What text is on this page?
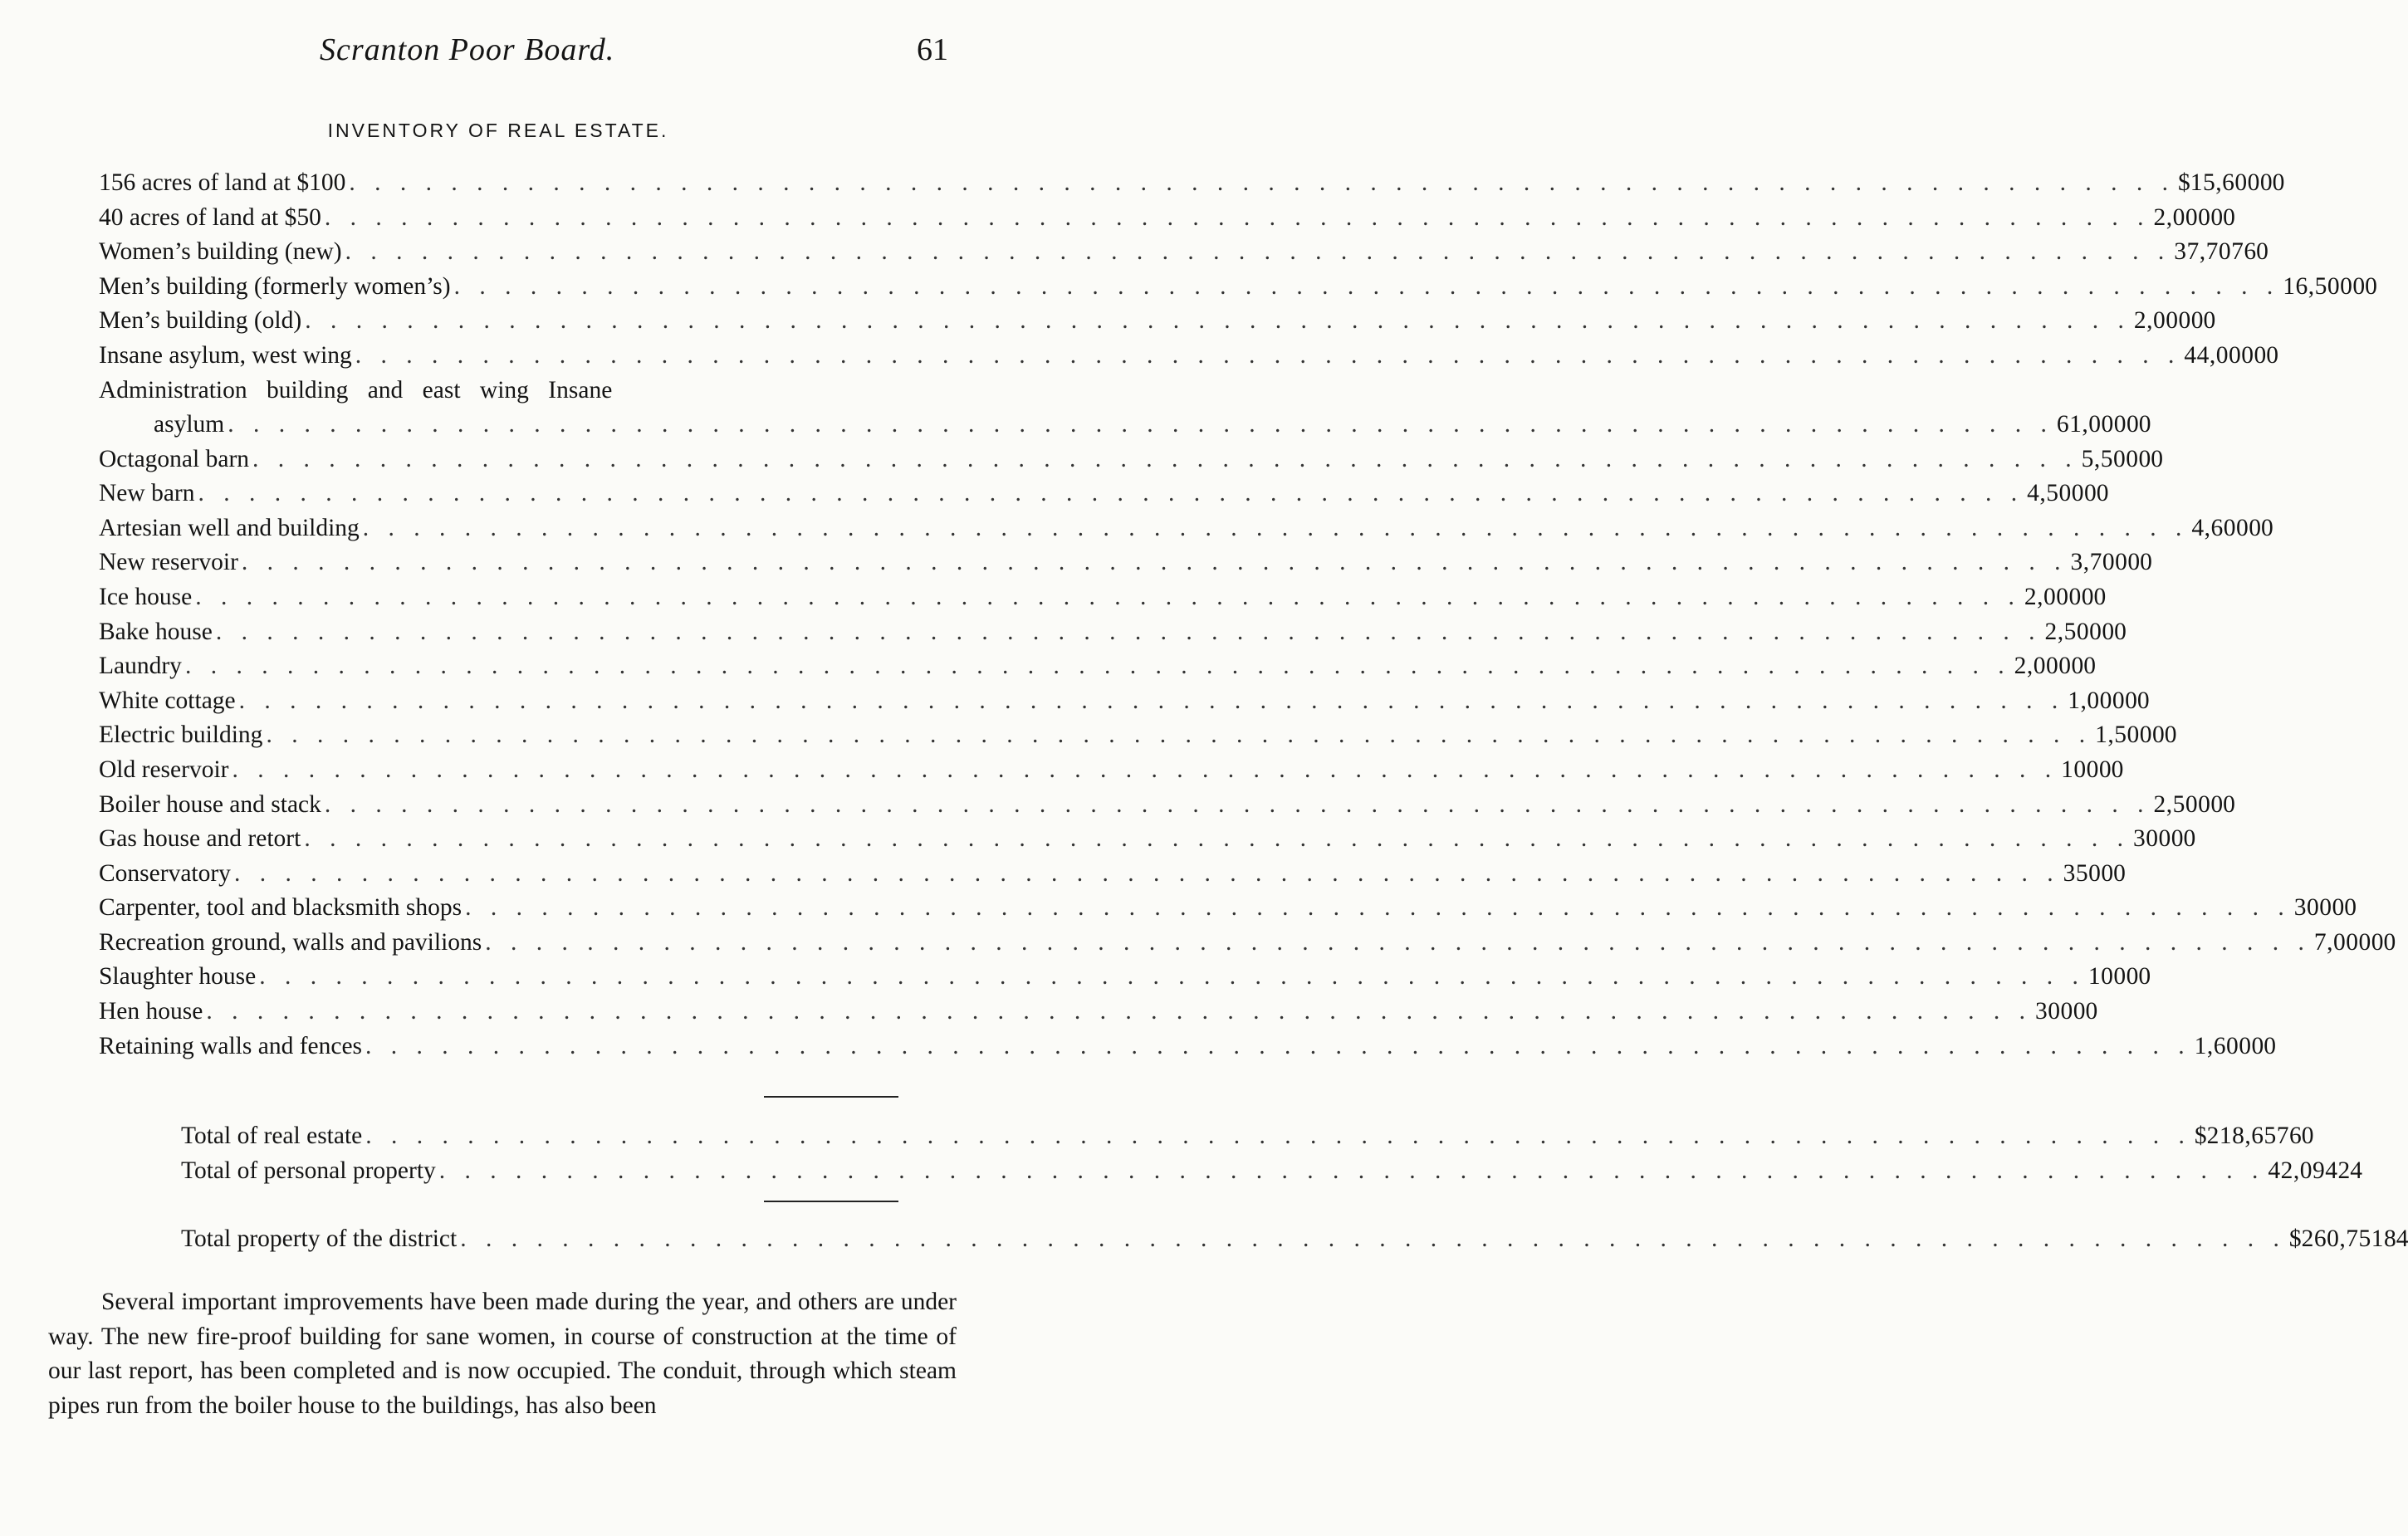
Scranton Poor Board.	61
INVENTORY OF REAL ESTATE.
156 acres of land at $100 . . . . . . . . . . . . . . . . . . . . . . . . . . . . . . . . . . . . . . . . . . . . . . . . . . . . . . . . . . . . . . . . . . . . . . . . $ 15,600 00
40 acres of land at $50 . . . . . . . . . . . . . . . . . . . . . . . . . . . . . . . . . . . . . . . . . . . . . . . . . . . . . . . . . . . . . . . . . . . . . . . . 2,000 00
Women’s building (new) . . . . . . . . . . . . . . . . . . . . . . . . . . . . . . . . . . . . . . . . . . . . . . . . . . . . . . . . . . . . . . . . . . . . . . . . 37,707 60
Men’s building (formerly women’s) . . . . . . . . . . . . . . . . . . . . . . . . . . . . . . . . . . . . . . . . . . . . . . . . . . . . . . . . . . . . . . . . . . . . . . . . 16,500 00
Men’s building (old) . . . . . . . . . . . . . . . . . . . . . . . . . . . . . . . . . . . . . . . . . . . . . . . . . . . . . . . . . . . . . . . . . . . . . . . . 2,000 00
Insane asylum, west wing . . . . . . . . . . . . . . . . . . . . . . . . . . . . . . . . . . . . . . . . . . . . . . . . . . . . . . . . . . . . . . . . . . . . . . . . 44,000 00
Administration building and east wing Insane
asylum . . . . . . . . . . . . . . . . . . . . . . . . . . . . . . . . . . . . . . . . . . . . . . . . . . . . . . . . . . . . . . . . . . . . . . . . 61,000 00
Octagonal barn . . . . . . . . . . . . . . . . . . . . . . . . . . . . . . . . . . . . . . . . . . . . . . . . . . . . . . . . . . . . . . . . . . . . . . . . 5,500 00
New barn . . . . . . . . . . . . . . . . . . . . . . . . . . . . . . . . . . . . . . . . . . . . . . . . . . . . . . . . . . . . . . . . . . . . . . . . 4,500 00
Artesian well and building . . . . . . . . . . . . . . . . . . . . . . . . . . . . . . . . . . . . . . . . . . . . . . . . . . . . . . . . . . . . . . . . . . . . . . . . 4,600 00
New reservoir . . . . . . . . . . . . . . . . . . . . . . . . . . . . . . . . . . . . . . . . . . . . . . . . . . . . . . . . . . . . . . . . . . . . . . . . 3,700 00
Ice house . . . . . . . . . . . . . . . . . . . . . . . . . . . . . . . . . . . . . . . . . . . . . . . . . . . . . . . . . . . . . . . . . . . . . . . . 2,000 00
Bake house . . . . . . . . . . . . . . . . . . . . . . . . . . . . . . . . . . . . . . . . . . . . . . . . . . . . . . . . . . . . . . . . . . . . . . . . 2,500 00
Laundry . . . . . . . . . . . . . . . . . . . . . . . . . . . . . . . . . . . . . . . . . . . . . . . . . . . . . . . . . . . . . . . . . . . . . . . . 2,000 00
White cottage . . . . . . . . . . . . . . . . . . . . . . . . . . . . . . . . . . . . . . . . . . . . . . . . . . . . . . . . . . . . . . . . . . . . . . . . 1,000 00
Electric building . . . . . . . . . . . . . . . . . . . . . . . . . . . . . . . . . . . . . . . . . . . . . . . . . . . . . . . . . . . . . . . . . . . . . . . . 1,500 00
Old reservoir . . . . . . . . . . . . . . . . . . . . . . . . . . . . . . . . . . . . . . . . . . . . . . . . . . . . . . . . . . . . . . . . . . . . . . . . 100 00
Boiler house and stack . . . . . . . . . . . . . . . . . . . . . . . . . . . . . . . . . . . . . . . . . . . . . . . . . . . . . . . . . . . . . . . . . . . . . . . . 2,500 00
Gas house and retort . . . . . . . . . . . . . . . . . . . . . . . . . . . . . . . . . . . . . . . . . . . . . . . . . . . . . . . . . . . . . . . . . . . . . . . . 300 00
Conservatory . . . . . . . . . . . . . . . . . . . . . . . . . . . . . . . . . . . . . . . . . . . . . . . . . . . . . . . . . . . . . . . . . . . . . . . . 350 00
Carpenter, tool and blacksmith shops . . . . . . . . . . . . . . . . . . . . . . . . . . . . . . . . . . . . . . . . . . . . . . . . . . . . . . . . . . . . . . . . . . . . . . . . 300 00
Recreation ground, walls and pavilions . . . . . . . . . . . . . . . . . . . . . . . . . . . . . . . . . . . . . . . . . . . . . . . . . . . . . . . . . . . . . . . . . . . . . . . . 7,000 00
Slaughter house . . . . . . . . . . . . . . . . . . . . . . . . . . . . . . . . . . . . . . . . . . . . . . . . . . . . . . . . . . . . . . . . . . . . . . . . 100 00
Hen house . . . . . . . . . . . . . . . . . . . . . . . . . . . . . . . . . . . . . . . . . . . . . . . . . . . . . . . . . . . . . . . . . . . . . . . . 300 00
Retaining walls and fences . . . . . . . . . . . . . . . . . . . . . . . . . . . . . . . . . . . . . . . . . . . . . . . . . . . . . . . . . . . . . . . . . . . . . . . . 1,600 00
Total of real estate . . . . . . . . . . . . . . . . . . . . . . . . . . . . . . . . . . . . . . . . . . . . . . . . . . . . . . . . . . . . . . . . . . . . . . . . $ 218,657 60
Total of personal property . . . . . . . . . . . . . . . . . . . . . . . . . . . . . . . . . . . . . . . . . . . . . . . . . . . . . . . . . . . . . . . . . . . . . . . . 42,094 24
Total property of the district . . . . . . . . . . . . . . . . . . . . . . . . . . . . . . . . . . . . . . . . . . . . . . . . . . . . . . . . . . . . . . . . . . . . . . . . $ 260,751 84

Several important improvements have been made during the year, and others are under way. The new fire-proof building for sane women, in course of construction at the time of our last report, has been completed and is now occupied. The conduit, through which steam pipes run from the boiler house to the buildings, has also been
